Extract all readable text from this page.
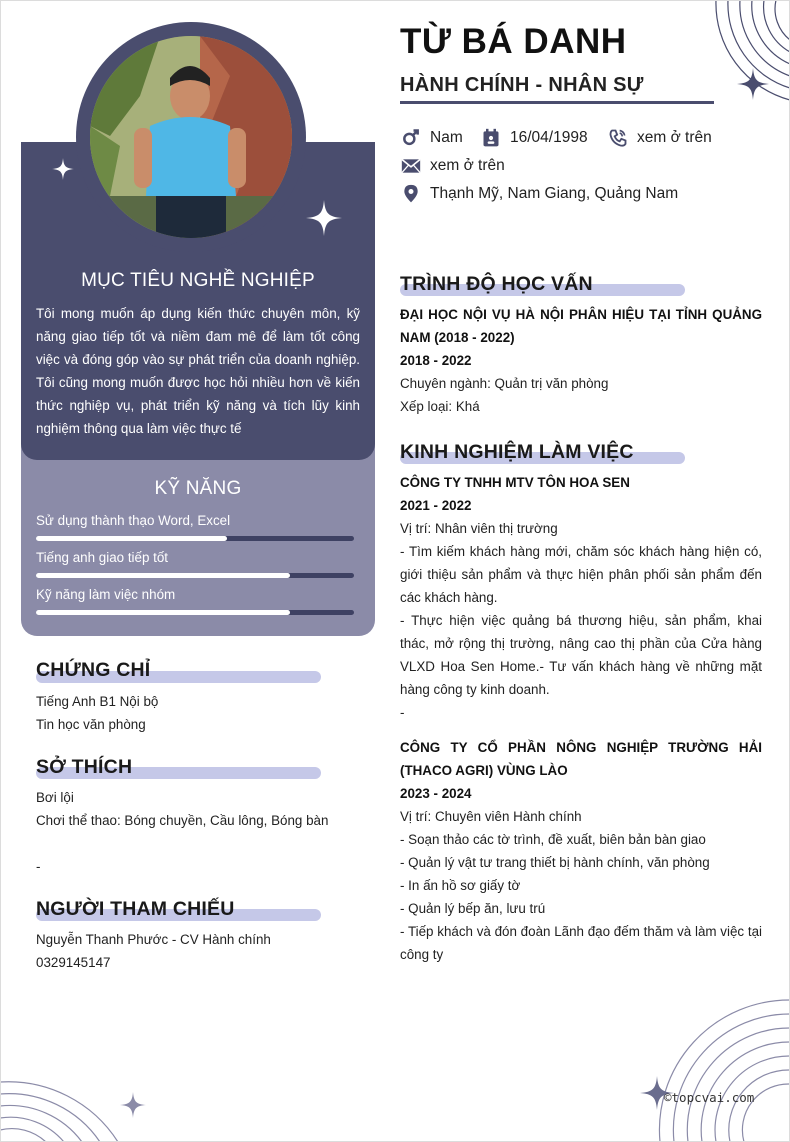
MỤC TIÊU NGHỀ NGHIỆP
Tôi mong muốn áp dụng kiến thức chuyên môn, kỹ năng giao tiếp tốt và niềm đam mê để làm tốt công việc và đóng góp vào sự phát triển của doanh nghiệp. Tôi cũng mong muốn được học hỏi nhiều hơn về kiến thức nghiệp vụ, phát triển kỹ năng và tích lũy kinh nghiệm thông qua làm việc thực tế
KỸ NĂNG
Sử dụng thành thạo Word, Excel
Tiếng anh giao tiếp tốt
Kỹ năng làm việc nhóm
CHỨNG CHỈ
Tiếng Anh B1 Nội bộ
Tin học văn phòng
SỞ THÍCH
Bơi lội
Chơi thể thao: Bóng chuyền, Cầu lông, Bóng bàn
-
NGƯỜI THAM CHIẾU
Nguyễn Thanh Phước - CV Hành chính
0329145147
TỪ BÁ DANH
HÀNH CHÍNH - NHÂN SỰ
Nam	16/04/1998	xem ở trên
xem ở trên
Thạnh Mỹ, Nam Giang, Quảng Nam
TRÌNH ĐỘ HỌC VẤN
ĐẠI HỌC NỘI VỤ HÀ NỘI PHÂN HIỆU TẠI TỈNH QUẢNG NAM (2018 - 2022)
2018 - 2022
Chuyên ngành: Quản trị văn phòng
Xếp loại: Khá
KINH NGHIỆM LÀM VIỆC
CÔNG TY TNHH MTV TÔN HOA SEN
2021 - 2022
Vị trí: Nhân viên thị trường
- Tìm kiếm khách hàng mới, chăm sóc khách hàng hiện có, giới thiệu sản phẩm và thực hiện phân phối sản phẩm đến các khách hàng.
- Thực hiện việc quảng bá thương hiệu, sản phẩm, khai thác, mở rộng thị trường, nâng cao thị phần của Cửa hàng VLXD Hoa Sen Home.- Tư vấn khách hàng về những mặt hàng công ty kinh doanh.
-
CÔNG TY CỔ PHẦN NÔNG NGHIỆP TRƯỜNG HẢI (THACO AGRI) VÙNG LÀO
2023 - 2024
Vị trí: Chuyên viên Hành chính
- Soạn thảo các tờ trình, đề xuất, biên bản bàn giao
- Quản lý vật tư trang thiết bị hành chính, văn phòng
- In ấn hồ sơ giấy tờ
- Quản lý bếp ăn, lưu trú
- Tiếp khách và đón đoàn Lãnh đạo đếm thăm và làm việc tại công ty
©topcvai.com
